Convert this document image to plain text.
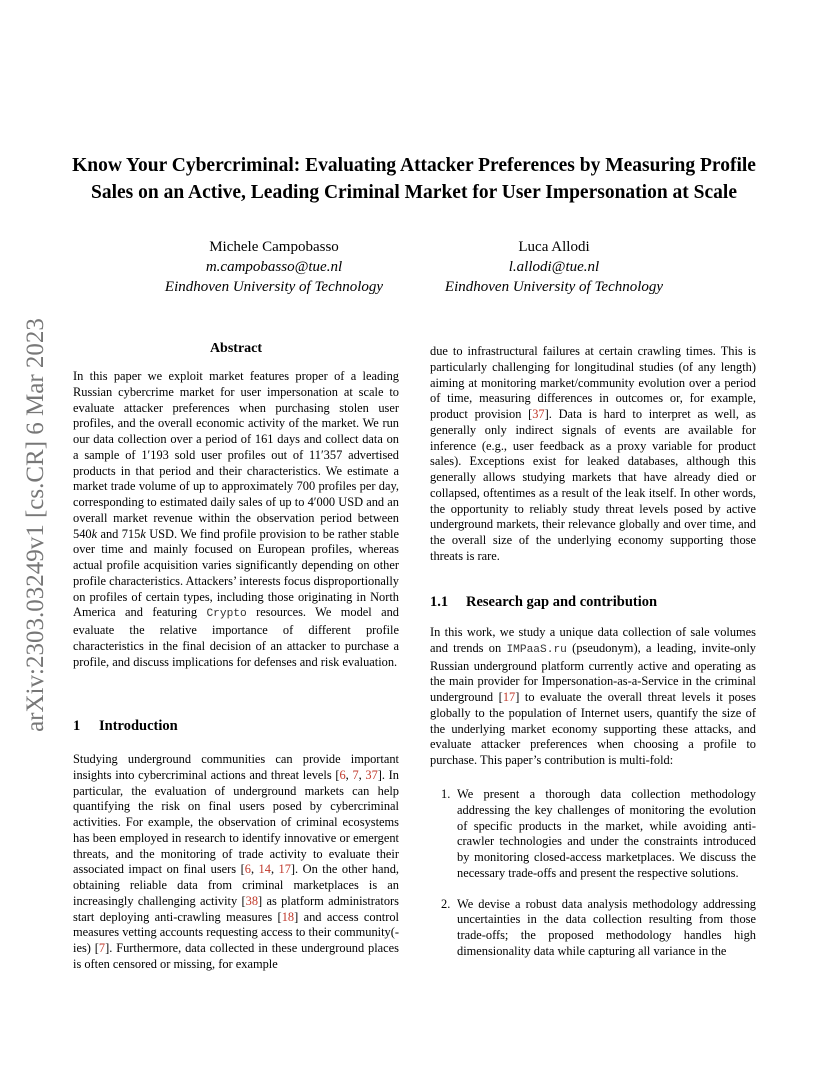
arXiv:2303.03249v1 [cs.CR] 6 Mar 2023
Know Your Cybercriminal: Evaluating Attacker Preferences by Measuring Profile
Sales on an Active, Leading Criminal Market for User Impersonation at Scale
Michele Campobasso
m.campobasso@tue.nl
Eindhoven University of Technology
Luca Allodi
l.allodi@tue.nl
Eindhoven University of Technology
Abstract

In this paper we exploit market features proper of a leading Russian cybercrime market for user impersonation at scale to evaluate attacker preferences when purchasing stolen user profiles, and the overall economic activity of the market. We run our data collection over a period of 161 days and collect data on a sample of 1′193 sold user profiles out of 11′357 advertised products in that period and their characteristics. We estimate a market trade volume of up to approximately 700 profiles per day, corresponding to estimated daily sales of up to 4′000 USD and an overall market revenue within the observation period between 540k and 715k USD. We find profile provision to be rather stable over time and mainly focused on European profiles, whereas actual profile acquisition varies significantly depending on other profile characteristics. Attackers’ interests focus disproportionally on profiles of certain types, including those originating in North America and featuring Crypto resources. We model and evaluate the relative importance of different profile characteristics in the final decision of an attacker to purchase a profile, and discuss implications for defenses and risk evaluation.

1 Introduction

Studying underground communities can provide important insights into cybercriminal actions and threat levels [6, 7, 37]. In particular, the evaluation of underground markets can help quantifying the risk on final users posed by cybercriminal activities. For example, the observation of criminal ecosystems has been employed in research to identify innovative or emergent threats, and the monitoring of trade activity to evaluate their associated impact on final users [6, 14, 17]. On the other hand, obtaining reliable data from criminal marketplaces is an increasingly challenging activity [38] as platform administrators start deploying anti-crawling measures [18] and access control measures vetting accounts requesting access to their community(-ies) [7]. Furthermore, data collected in these underground places is often censored or missing, for example

due to infrastructural failures at certain crawling times. This is particularly challenging for longitudinal studies (of any length) aiming at monitoring market/community evolution over a period of time, measuring differences in outcomes or, for example, product provision [37]. Data is hard to interpret as well, as generally only indirect signals of events are available for inference (e.g., user feedback as a proxy variable for product sales). Exceptions exist for leaked databases, although this generally allows studying markets that have already died or collapsed, oftentimes as a result of the leak itself. In other words, the opportunity to reliably study threat levels posed by active underground markets, their relevance globally and over time, and the overall size of the underlying economy supporting those threats is rare.

1.1 Research gap and contribution

In this work, we study a unique data collection of sale volumes and trends on IMPaaS.ru (pseudonym), a leading, invite-only Russian underground platform currently active and operating as the main provider for Impersonation-as-a-Service in the criminal underground [17] to evaluate the overall threat levels it poses globally to the population of Internet users, quantify the size of the underlying market economy supporting these attacks, and evaluate attacker preferences when choosing a profile to purchase. This paper’s contribution is multi-fold:

1. We present a thorough data collection methodology addressing the key challenges of monitoring the evolution of specific products in the market, while avoiding anti-crawler technologies and under the constraints introduced by monitoring closed-access marketplaces. We discuss the necessary trade-offs and present the respective solutions.
2. We devise a robust data analysis methodology addressing uncertainties in the data collection resulting from those trade-offs; the proposed methodology handles high dimensionality data while capturing all variance in the
